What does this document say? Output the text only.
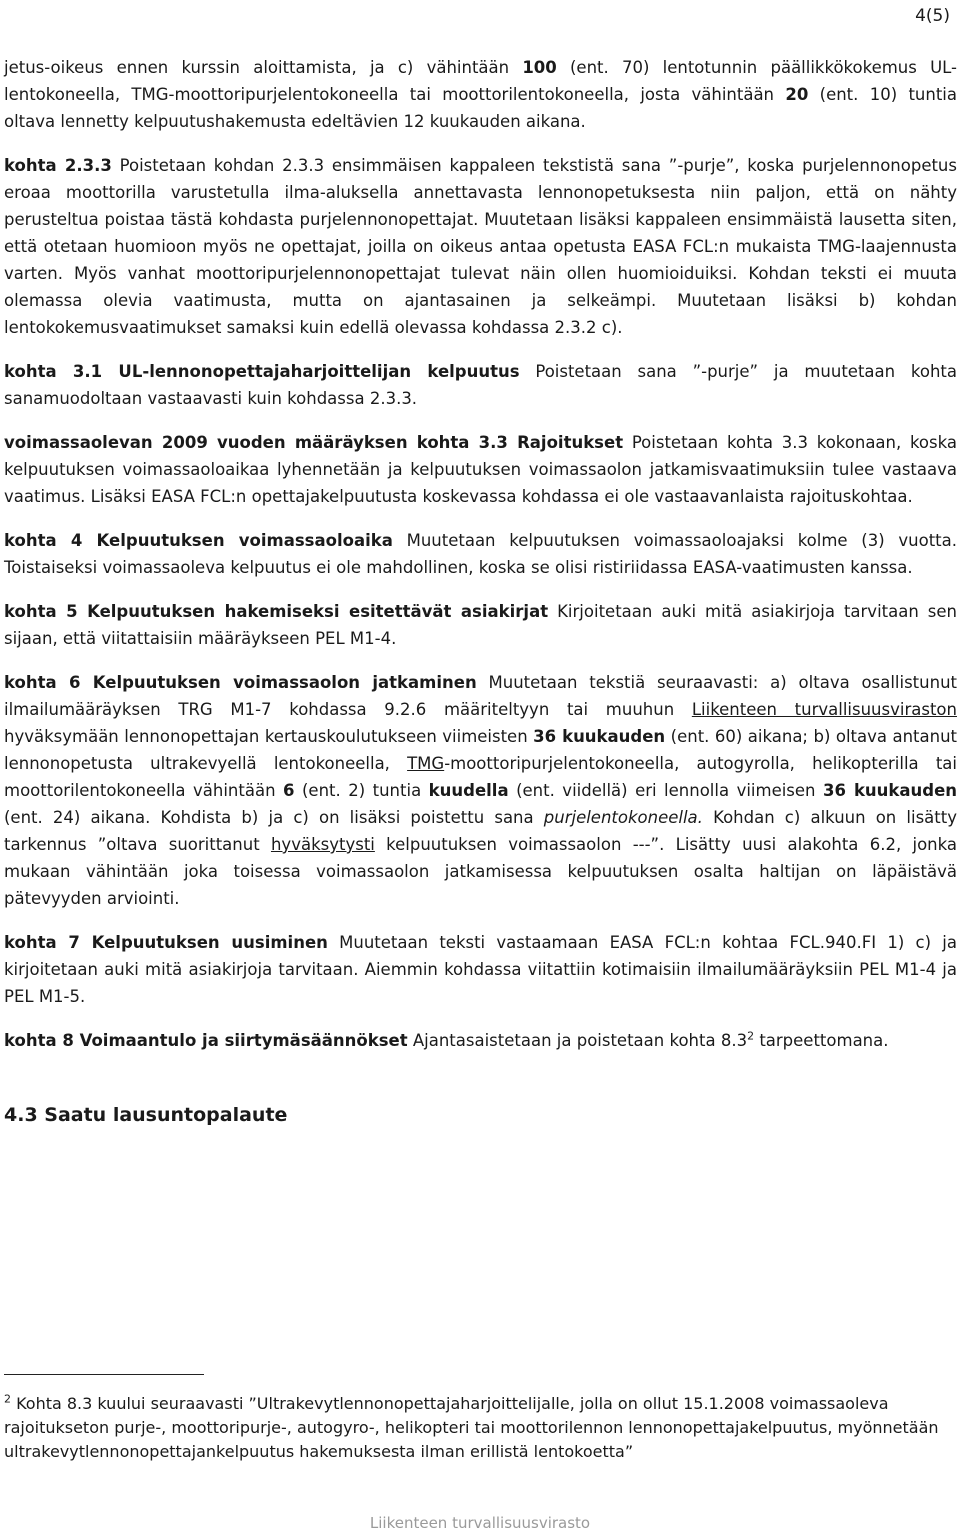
4(5)

jetus-oikeus ennen kurssin aloittamista, ja c) vähintään 100 (ent. 70) lentotunnin päällikkökokemus UL-lentokoneella, TMG-moottoripurjelentokoneella tai moottorilentokoneella, josta vähintään 20 (ent. 10) tuntia oltava lennetty kelpuutushakemusta edeltävien 12 kuukauden aikana.

kohta 2.3.3 Poistetaan kohdan 2.3.3 ensimmäisen kappaleen tekstistä sana ”-purje”, koska purjelennonopetus eroaa moottorilla varustetulla ilma-aluksella annettavasta lennonopetuksesta niin paljon, että on nähty perusteltua poistaa tästä kohdasta purjelennonopettajat. Muutetaan lisäksi kappaleen ensimmäistä lausetta siten, että otetaan huomioon myös ne opettajat, joilla on oikeus antaa opetusta EASA FCL:n mukaista TMG-laajennusta varten. Myös vanhat moottoripurjelennonopettajat tulevat näin ollen huomioiduiksi. Kohdan teksti ei muuta olemassa olevia vaatimusta, mutta on ajantasainen ja selkeämpi. Muutetaan lisäksi b) kohdan lentokokemusvaatimukset samaksi kuin edellä olevassa kohdassa 2.3.2 c).

kohta 3.1 UL-lennonopettajaharjoittelijan kelpuutus Poistetaan sana ”-purje” ja muutetaan kohta sanamuodoltaan vastaavasti kuin kohdassa 2.3.3.

voimassaolevan 2009 vuoden määräyksen kohta 3.3 Rajoitukset Poistetaan kohta 3.3 kokonaan, koska kelpuutuksen voimassaoloaikaa lyhennetään ja kelpuutuksen voimassaolon jatkamisvaatimuksiin tulee vastaava vaatimus. Lisäksi EASA FCL:n opettajakelpuutusta koskevassa kohdassa ei ole vastaavanlaista rajoituskohtaa.

kohta 4 Kelpuutuksen voimassaoloaika Muutetaan kelpuutuksen voimassaoloajaksi kolme (3) vuotta. Toistaiseksi voimassaoleva kelpuutus ei ole mahdollinen, koska se olisi ristiriidassa EASA-vaatimusten kanssa.

kohta 5 Kelpuutuksen hakemiseksi esitettävät asiakirjat Kirjoitetaan auki mitä asiakirjoja tarvitaan sen sijaan, että viitattaisiin määräykseen PEL M1-4.

kohta 6 Kelpuutuksen voimassaolon jatkaminen Muutetaan tekstiä seuraavasti: a) oltava osallistunut ilmailumääräyksen TRG M1-7 kohdassa 9.2.6 määriteltyyn tai muuhun Liikenteen turvallisuusviraston hyväksymään lennonopettajan kertauskoulutukseen viimeisten 36 kuukauden (ent. 60) aikana; b) oltava antanut lennonopetusta ultrakevyellä lentokoneella, TMG-moottoripurjelentokoneella, autogyrolla, helikopterilla tai moottorilentokoneella vähintään 6 (ent. 2) tuntia kuudella (ent. viidellä) eri lennolla viimeisen 36 kuukauden (ent. 24) aikana. Kohdista b) ja c) on lisäksi poistettu sana purjelentokoneella. Kohdan c) alkuun on lisätty tarkennus ”oltava suorittanut hyväksytysti kelpuutuksen voimassaolon ---”. Lisätty uusi alakohta 6.2, jonka mukaan vähintään joka toisessa voimassaolon jatkamisessa kelpuutuksen osalta haltijan on läpäistävä pätevyyden arviointi.

kohta 7 Kelpuutuksen uusiminen Muutetaan teksti vastaamaan EASA FCL:n kohtaa FCL.940.FI 1) c) ja kirjoitetaan auki mitä asiakirjoja tarvitaan. Aiemmin kohdassa viitattiin kotimaisiin ilmailumääräyksiin PEL M1-4 ja PEL M1-5.

kohta 8 Voimaantulo ja siirtymäsäännökset Ajantasaistetaan ja poistetaan kohta $8.3^2$ tarpeettomana.

4.3 Saatu lausuntopalaute

$^2$ Kohta 8.3 kuului seuraavasti ”Ultrakevytlennonopettajaharjoittelijalle, jolla on ollut 15.1.2008 voimassaoleva rajoitukseton purje-, moottoripurje-, autogyro-, helikopteri tai moottorilennon lennonopettajakelpuutus, myönnetään ultrakevytlennonopettajankelpuutus hakemuksesta ilman erillistä lentokoetta”
Liikenteen turvallisuusvirasto
